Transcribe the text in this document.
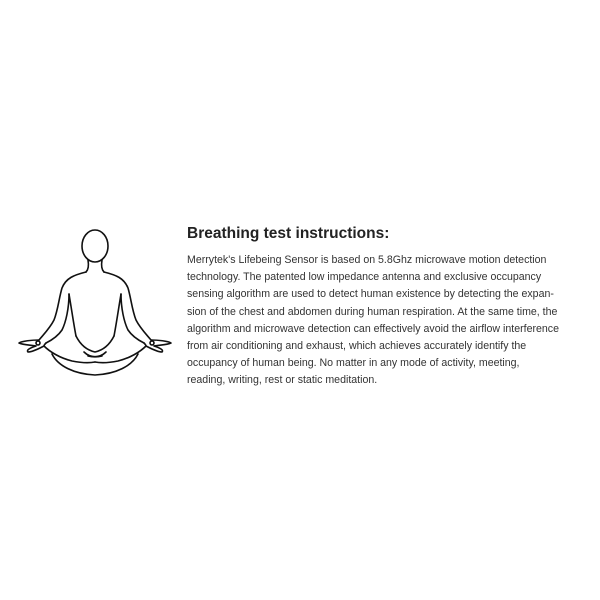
Breathing test instructions:
Merrytek's Lifebeing Sensor is based on 5.8Ghz microwave motion detection
technology. The patented low impedance antenna and exclusive occupancy
sensing algorithm are used to detect human existence by detecting the expan-
sion of the chest and abdomen during human respiration. At the same time, the
algorithm and microwave detection can effectively avoid the airflow interference
from air conditioning and exhaust, which achieves accurately identify the
occupancy of human being. No matter in any mode of activity, meeting,
reading, writing, rest or static meditation.
